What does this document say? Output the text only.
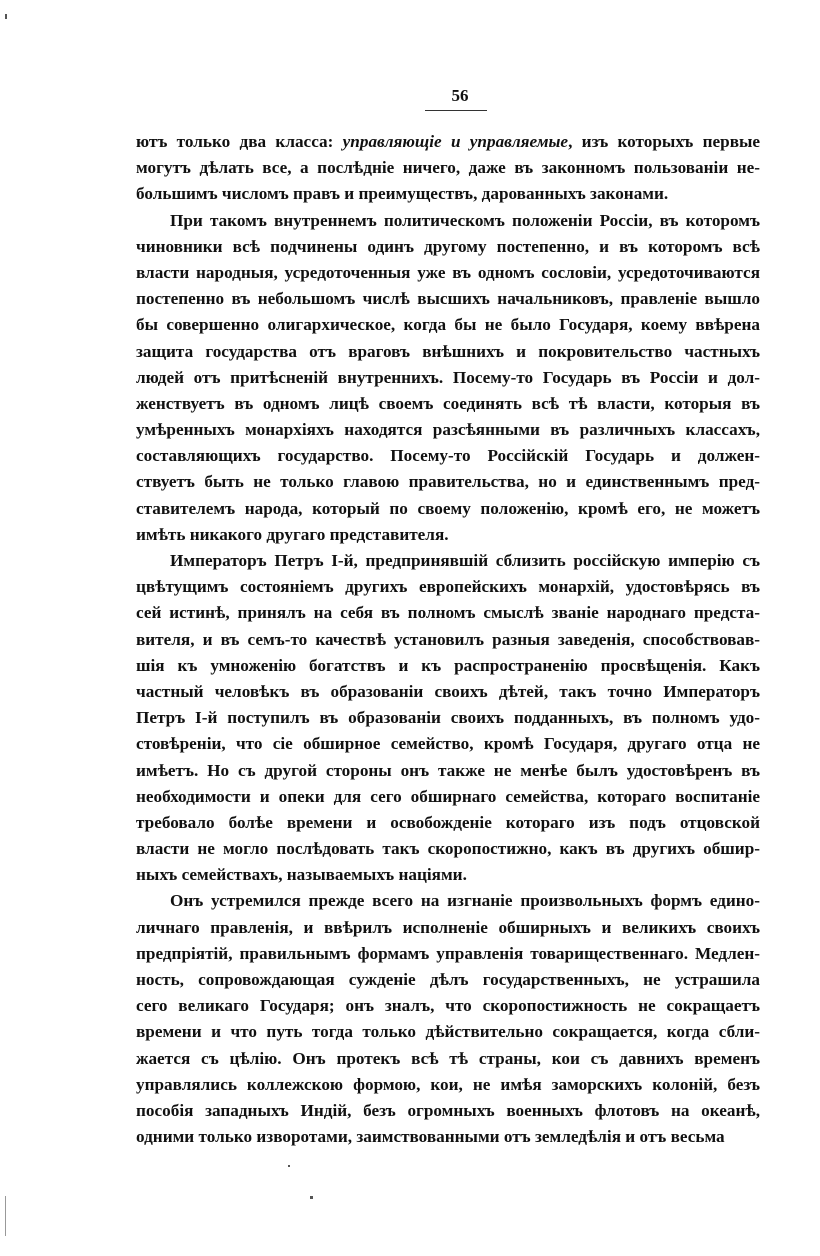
56
ютъ только два класса: управляющіе и управляемые, изъ которыхъ первые
могутъ дѣлать все, а послѣдніе ничего, даже въ законномъ пользованіи не-
большимъ числомъ правъ и преимуществъ, дарованныхъ законами.
При такомъ внутреннемъ политическомъ положеніи Россіи, въ которомъ
чиновники всѣ подчинены одинъ другому постепенно, и въ которомъ всѣ
власти народныя, усредоточенныя уже въ одномъ сословіи, усредоточиваются
постепенно въ небольшомъ числѣ высшихъ начальниковъ, правленіе вышло
бы совершенно олигархическое, когда бы не было Государя, коему ввѣрена
защита государства отъ враговъ внѣшнихъ и покровительство частныхъ
людей отъ притѣсненій внутреннихъ. Посему-то Государь въ Россіи и дол-
женствуетъ въ одномъ лицѣ своемъ соединять всѣ тѣ власти, которыя въ
умѣренныхъ монархіяхъ находятся разсѣянными въ различныхъ классахъ,
составляющихъ государство. Посему-то Россійскій Государь и должен-
ствуетъ быть не только главою правительства, но и единственнымъ пред-
ставителемъ народа, который по своему положенію, кромѣ его, не можетъ
имѣть никакого другаго представителя.
Императоръ Петръ I-й, предпринявшій сблизить россійскую имперію съ
цвѣтущимъ состояніемъ другихъ европейскихъ монархій, удостовѣрясь въ
сей истинѣ, принялъ на себя въ полномъ смыслѣ званіе народнаго предста-
вителя, и въ семъ-то качествѣ установилъ разныя заведенія, способствовав-
шія къ умноженію богатствъ и къ распространенію просвѣщенія. Какъ
частный человѣкъ въ образованіи своихъ дѣтей, такъ точно Императоръ
Петръ I-й поступилъ въ образованіи своихъ подданныхъ, въ полномъ удо-
стовѣреніи, что сіе обширное семейство, кромѣ Государя, другаго отца не
имѣетъ. Но съ другой стороны онъ также не менѣе былъ удостовѣренъ въ
необходимости и опеки для сего обширнаго семейства, котораго воспитаніе
требовало болѣе времени и освобожденіе котораго изъ подъ отцовской
власти не могло послѣдовать такъ скоропостижно, какъ въ другихъ обшир-
ныхъ семействахъ, называемыхъ націями.
Онъ устремился прежде всего на изгнаніе произвольныхъ формъ едино-
личнаго правленія, и ввѣрилъ исполненіе обширныхъ и великихъ своихъ
предпріятій, правильнымъ формамъ управленія товарищественнаго. Медлен-
ность, сопровождающая сужденіе дѣлъ государственныхъ, не устрашила
сего великаго Государя; онъ зналъ, что скоропостижность не сокращаетъ
времени и что путь тогда только дѣйствительно сокращается, когда сбли-
жается съ цѣлію. Онъ протекъ всѣ тѣ страны, кои съ давнихъ временъ
управлялись коллежскою формою, кои, не имѣя заморскихъ колоній, безъ
пособія западныхъ Индій, безъ огромныхъ военныхъ флотовъ на океанѣ,
одними только изворотами, заимствованными отъ земледѣлія и отъ весьма
